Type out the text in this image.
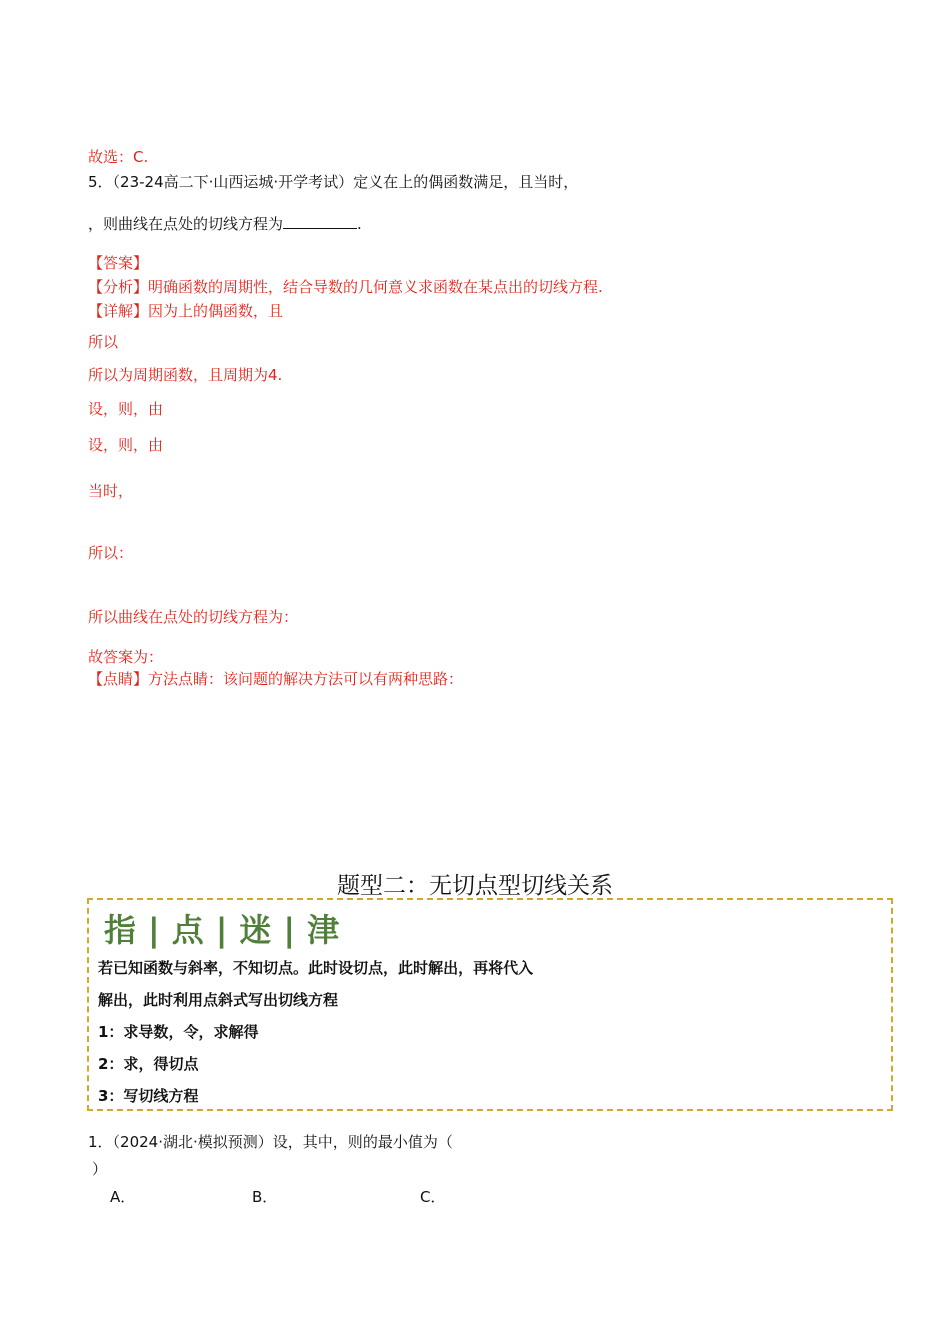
故选：C.
5．（23-24高二下·山西运城·开学考试）定义在上的偶函数满足，且当时，
，则曲线在点处的切线方程为	.
【答案】
【分析】明确函数的周期性，结合导数的几何意义求函数在某点出的切线方程.
【详解】因为上的偶函数，且
所以
所以为周期函数，且周期为4.
设，则，由
设，则，由
当时，
所以：
所以曲线在点处的切线方程为：
故答案为：
【点睛】方法点睛：该问题的解决方法可以有两种思路：
题型二：无切点型切线关系
指 | 点 | 迷 | 津
若已知函数与斜率，不知切点。此时设切点，此时解出，再将代入
解出，此时利用点斜式写出切线方程
1：求导数，令，求解得
2：求，得切点
3：写切线方程
1．（2024·湖北·模拟预测）设，其中，则的最小值为（
）
A．	B．	C．
